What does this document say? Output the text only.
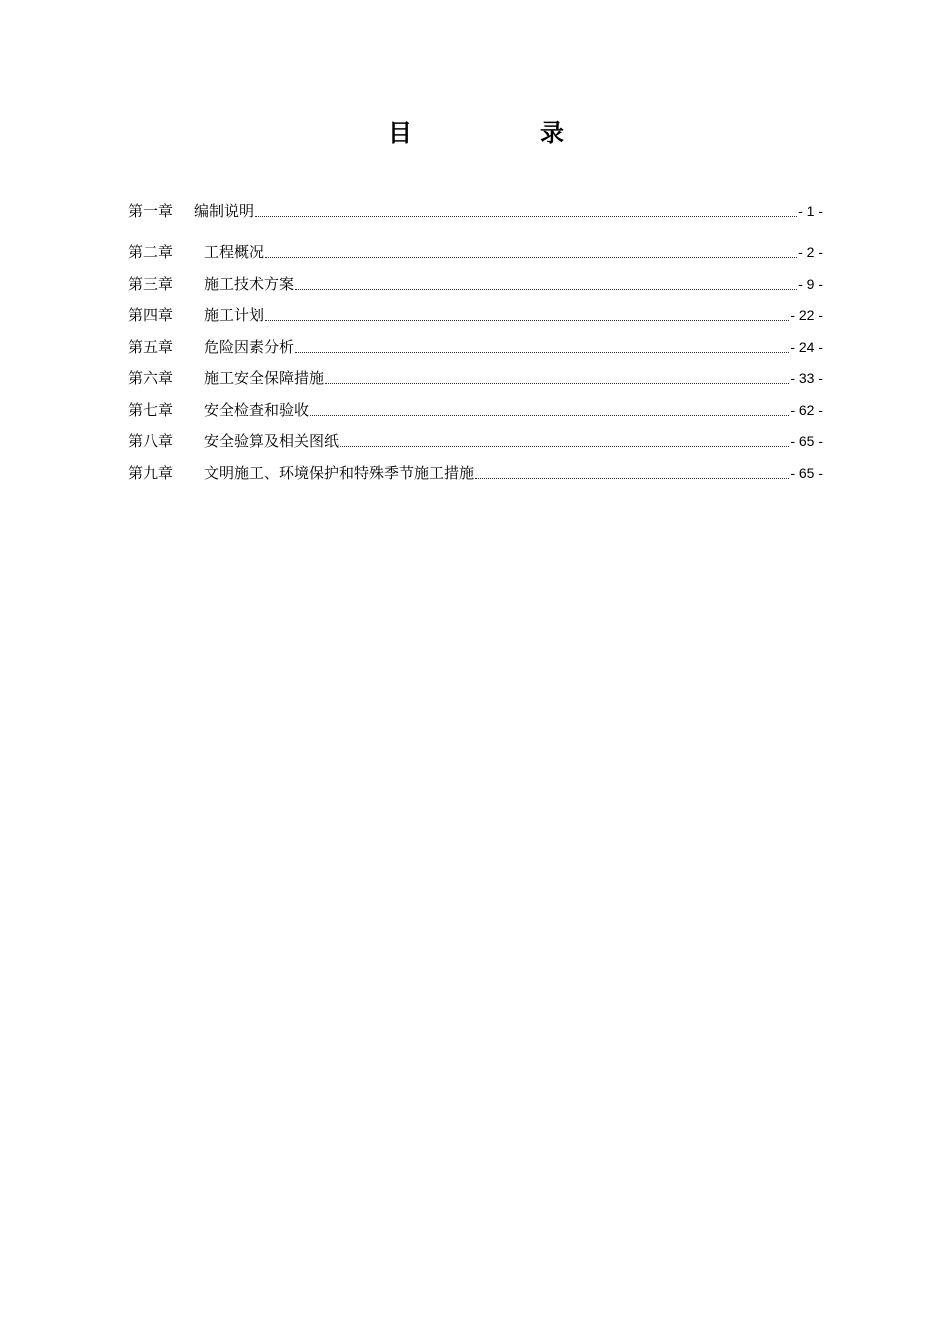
目	录
第一章	编制说明	- 1 -
第二章	工程概况	- 2 -
第三章	施工技术方案	- 9 -
第四章	施工计划	- 22 -
第五章	危险因素分析	- 24 -
第六章	施工安全保障措施	- 33 -
第七章	安全检查和验收	- 62 -
第八章	安全验算及相关图纸	- 65 -
第九章	文明施工、环境保护和特殊季节施工措施	- 65 -
